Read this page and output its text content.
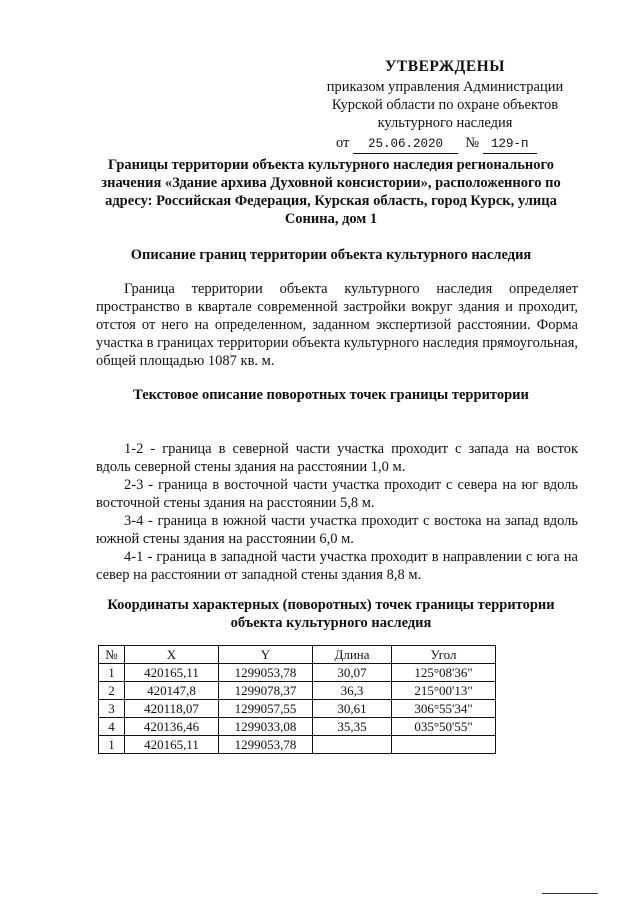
УТВЕРЖДЕНЫ
приказом управления Администрации
Курской области по охране объектов
культурного наследия
от 25.06.2020 № 129-п
Границы территории объекта культурного наследия регионального значения «Здание архива Духовной консистории», расположенного по адресу: Российская Федерация, Курская область, город Курск, улица Сонина, дом 1
Описание границ территории объекта культурного наследия
Граница территории объекта культурного наследия определяет пространство в квартале современной застройки вокруг здания и проходит, отстоя от него на определенном, заданном экспертизой расстоянии. Форма участка в границах территории объекта культурного наследия прямоугольная, общей площадью 1087 кв. м.
Текстовое описание поворотных точек границы территории

1-2 - граница в северной части участка проходит с запада на восток вдоль северной стены здания на расстоянии 1,0 м.

2-3 - граница в восточной части участка проходит с севера на юг вдоль восточной стены здания на расстоянии 5,8 м.

3-4 - граница в южной части участка проходит с востока на запад вдоль южной стены здания на расстоянии 6,0 м.

4-1 - граница в западной части участка проходит в направлении с юга на север на расстоянии от западной стены здания 8,8 м.

Координаты характерных (поворотных) точек границы территории объекта культурного наследия
№	X	Y	Длина	Угол
1	420165,11	1299053,78	30,07	125°08'36"
2	420147,8	1299078,37	36,3	215°00'13"
3	420118,07	1299057,55	30,61	306°55'34"
4	420136,46	1299033,08	35,35	035°50'55"
1	420165,11	1299053,78		
